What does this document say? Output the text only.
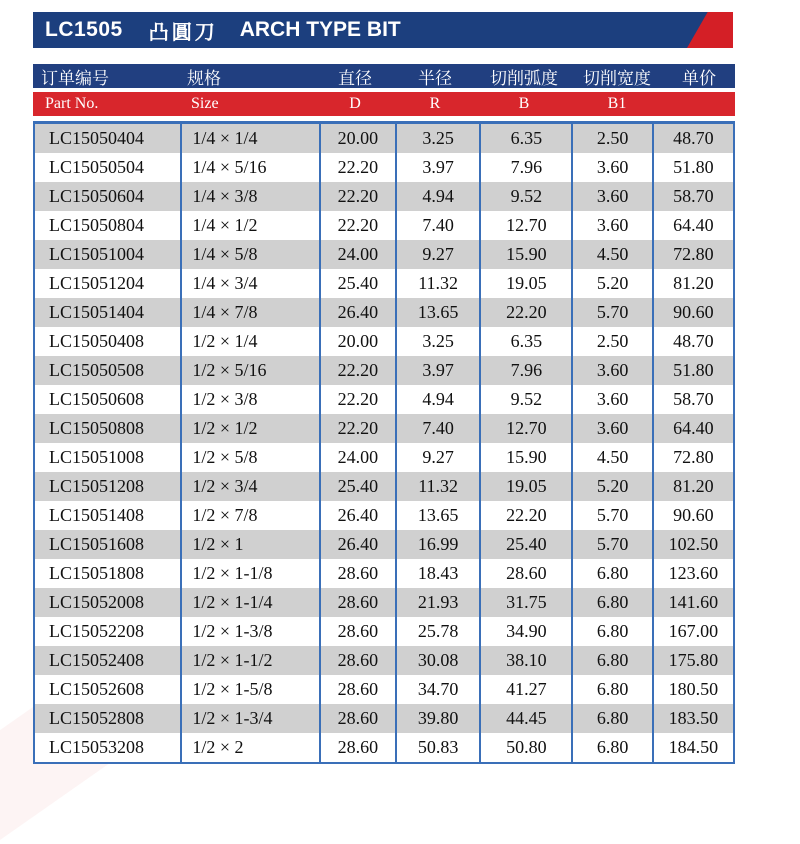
LC1505 凸圓刀 ARCH TYPE BIT
订单编号	规格	直径	半径	切削弧度	切削宽度	单价
Part No.	Size	D	R	B	B1
LC15050404	1/4 × 1/4	20.00	3.25	6.35	2.50	48.70
LC15050504	1/4 × 5/16	22.20	3.97	7.96	3.60	51.80
LC15050604	1/4 × 3/8	22.20	4.94	9.52	3.60	58.70
LC15050804	1/4 × 1/2	22.20	7.40	12.70	3.60	64.40
LC15051004	1/4 × 5/8	24.00	9.27	15.90	4.50	72.80
LC15051204	1/4 × 3/4	25.40	11.32	19.05	5.20	81.20
LC15051404	1/4 × 7/8	26.40	13.65	22.20	5.70	90.60
LC15050408	1/2 × 1/4	20.00	3.25	6.35	2.50	48.70
LC15050508	1/2 × 5/16	22.20	3.97	7.96	3.60	51.80
LC15050608	1/2 × 3/8	22.20	4.94	9.52	3.60	58.70
LC15050808	1/2 × 1/2	22.20	7.40	12.70	3.60	64.40
LC15051008	1/2 × 5/8	24.00	9.27	15.90	4.50	72.80
LC15051208	1/2 × 3/4	25.40	11.32	19.05	5.20	81.20
LC15051408	1/2 × 7/8	26.40	13.65	22.20	5.70	90.60
LC15051608	1/2 × 1	26.40	16.99	25.40	5.70	102.50
LC15051808	1/2 × 1-1/8	28.60	18.43	28.60	6.80	123.60
LC15052008	1/2 × 1-1/4	28.60	21.93	31.75	6.80	141.60
LC15052208	1/2 × 1-3/8	28.60	25.78	34.90	6.80	167.00
LC15052408	1/2 × 1-1/2	28.60	30.08	38.10	6.80	175.80
LC15052608	1/2 × 1-5/8	28.60	34.70	41.27	6.80	180.50
LC15052808	1/2 × 1-3/4	28.60	39.80	44.45	6.80	183.50
LC15053208	1/2 × 2	28.60	50.83	50.80	6.80	184.50
